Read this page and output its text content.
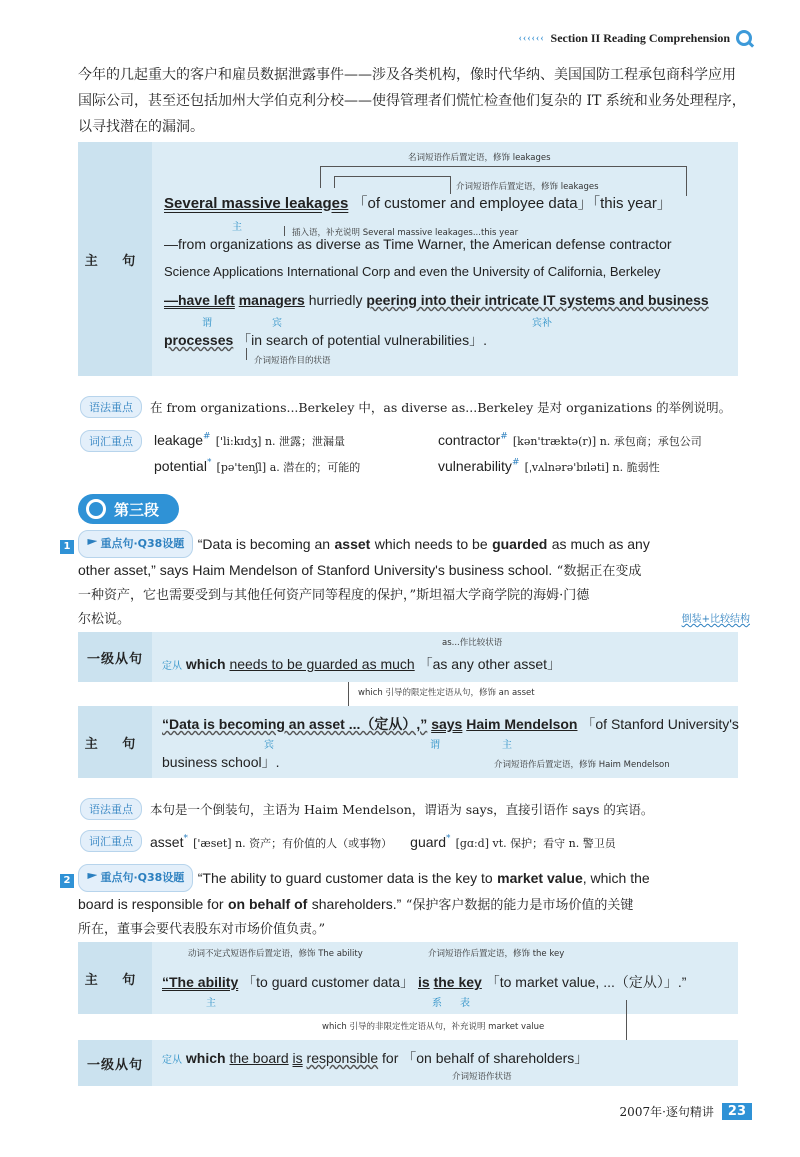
‹‹‹‹‹‹ Section II Reading Comprehension
今年的几起重大的客户和雇员数据泄露事件——涉及各类机构，像时代华纳、美国国防工程承包商科学应用国际公司，甚至还包括加州大学伯克利分校——使得管理者们慌忙检查他们复杂的 IT 系统和业务处理程序，以寻找潜在的漏洞。
主 句
名词短语作后置定语，修饰 leakages
介词短语作后置定语，修饰 leakages
Several massive leakages 「of customer and employee data」「this year」
主	插入语，补充说明 Several massive leakages...this year
—from organizations as diverse as Time Warner, the American defense contractor
Science Applications International Corp and even the University of California, Berkeley
—have left managers hurriedly peering into their intricate IT systems and business
谓	宾	宾补
processes 「in search of potential vulnerabilities」.
介词短语作目的状语
语法重点	在 from organizations...Berkeley 中，as diverse as...Berkeley 是对 organizations 的举例说明。
词汇重点	leakage# ['li:kɪdʒ] n. 泄露；泄漏量	contractor# [kən'træktə(r)] n. 承包商；承包公司
potential* [pə'tenʃl] a. 潜在的；可能的	vulnerability# [ˌvʌlnərə'bɪləti] n. 脆弱性
第三段
1	重点句·Q38设题 “Data is becoming an asset which needs to be guarded as much as any
other asset,” says Haim Mendelson of Stanford University's business school. “数据正在变成
一种资产，它也需要受到与其他任何资产同等程度的保护，”斯坦福大学商学院的海姆·门德
尔松说。	倒装+比较结构
一级从句
as...作比较状语
定从 which needs to be guarded as much 「as any other asset」
which 引导的限定性定语从句，修饰 an asset
主 句
“Data is becoming an asset ...（定从）,” says Haim Mendelson 「of Stanford University's
宾	谓	主
business school」.	介词短语作后置定语，修饰 Haim Mendelson
语法重点	本句是一个倒装句，主语为 Haim Mendelson，谓语为 says，直接引语作 says 的宾语。
词汇重点	asset* ['æset] n. 资产；有价值的人（或事物） guard* [gɑːd] vt. 保护；看守 n. 警卫员
2	重点句·Q38设题 “The ability to guard customer data is the key to market value, which the
board is responsible for on behalf of shareholders.” “保护客户数据的能力是市场价值的关键
所在，董事会要代表股东对市场价值负责。”
主 句
动词不定式短语作后置定语，修饰 The ability	介词短语作后置定语，修饰 the key
“The ability 「to guard customer data」 is the key 「to market value, ...（定从）」.”
主	系 表
which 引导的非限定性定语从句，补充说明 market value
一级从句	定从 which the board is responsible for 「on behalf of shareholders」
介词短语作状语
2007年·逐句精讲	23
